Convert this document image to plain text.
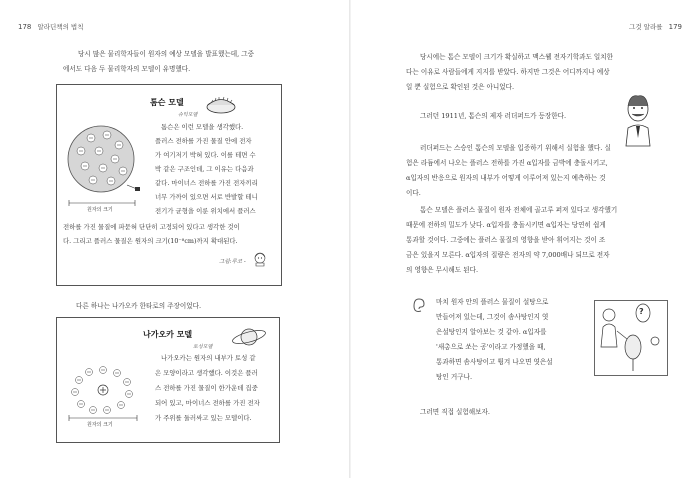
178 알라딘책의 법칙
당시 많은 물리학자들이 원자의 예상 모델을 발표했는데, 그중
에서도 다음 두 물리학자의 모델이 유명했다.
톰슨 모델
슈익모델
원자의 크기
톰슨은 이런 모델을 생각했다.
플러스 전하를 가진 물질 안에 전자
가 여기저기 박혀 있다. 이를 테면 수
박 같은 구조인데, 그 이유는 다음과
같다. 마이너스 전하를 가진 전자끼리
너무 가까이 있으면 서로 반발할 테니
전기가 균형을 이룬 위치에서 플러스
전하를 가진 물질에 파묻혀 단단히 고정되어 있다고 생각한 것이
다. 그리고 플러스 물질은 원자의 크기(10⁻⁸cm)까지 확대된다.
그림:루코 -
다른 하나는 나가오카 한타로의 주장이었다.
나가오카 모델
토성모델
원자의 크기
나가오카는 원자의 내부가 토성 같
은 모양이라고 생각했다. 이것은 플러
스 전하를 가진 물질이 한가운데 집중
되어 있고, 마이너스 전하를 가진 전자
가 주위를 둘러싸고 있는 모델이다.
그것 알라를 179
당시에는 톰슨 모델이 크기가 확실하고 맥스웰 전자기학과도 일치한
다는 이유로 사람들에게 지지를 받았다. 하지만 그것은 어디까지나 예상
일 뿐 실험으로 확인된 것은 아니었다.
그러던 1911년, 톰슨의 제자 러더퍼드가 등장한다.
러더퍼드는 스승인 톰슨의 모델을 입증하기 위해서 실험을 했다. 실
험은 라듐에서 나오는 플러스 전하를 가진 α입자를 금박에 충돌시키고,
α입자의 반응으로 원자의 내부가 어떻게 이루어져 있는지 예측하는 것
이다.
톰슨 모델은 플러스 물질이 원자 전체에 골고루 퍼져 있다고 생각했기
때문에 전하의 밀도가 낮다. α입자를 충돌시키면 α입자는 당연히 쉽게
통과할 것이다. 그중에는 플러스 물질의 영향을 받아 휘어지는 것이 조
금은 있을지 모른다. α입자의 질량은 전자의 약 7,000배나 되므로 전자
의 영향은 무시해도 된다.
마치 원자 안의 플러스 물질이 설탕으로
만들어져 있는데, 그것이 솜사탕인지 엿
은설탕인지 알아보는 것 같아. α입자를
'새총으로 쏘는 공'이라고 가정했을 때,
통과하면 솜사탕이고 튕겨 나오면 엿은설
탕인 거구나.
?
그러면 직접 실험해보자.
